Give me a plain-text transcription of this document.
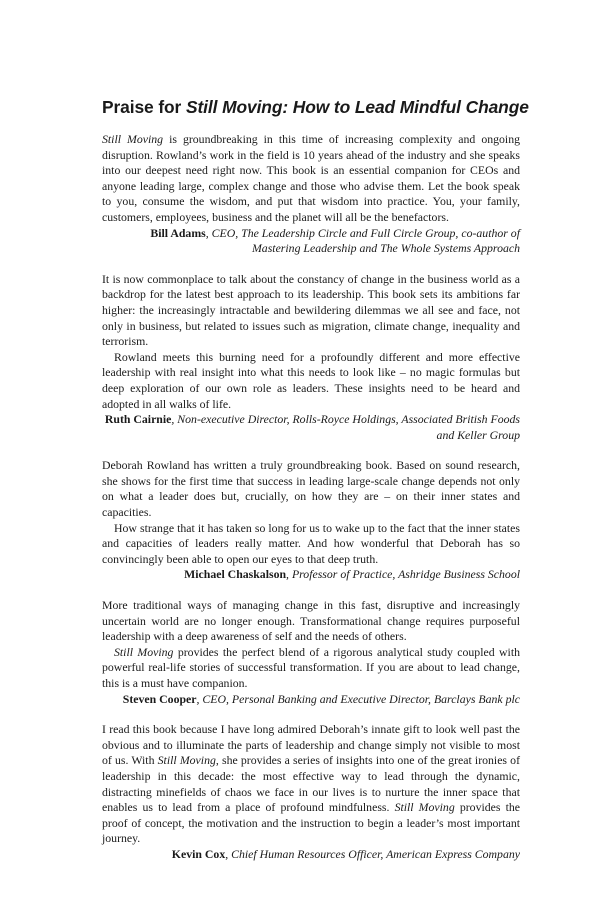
Praise for Still Moving: How to Lead Mindful Change

Still Moving is groundbreaking in this time of increasing complexity and ongoing disruption. Rowland’s work in the field is 10 years ahead of the industry and she speaks into our deepest need right now. This book is an essential companion for CEOs and anyone leading large, complex change and those who advise them. Let the book speak to you, consume the wisdom, and put that wisdom into practice. You, your family, customers, employees, business and the planet will all be the benefactors.

Bill Adams, CEO, The Leadership Circle and Full Circle Group, co-author of Mastering Leadership and The Whole Systems Approach

It is now commonplace to talk about the constancy of change in the business world as a backdrop for the latest best approach to its leadership. This book sets its ambitions far higher: the increasingly intractable and bewildering dilemmas we all see and face, not only in business, but related to issues such as migration, climate change, inequality and terrorism.

Rowland meets this burning need for a profoundly different and more effective leadership with real insight into what this needs to look like – no magic formulas but deep exploration of our own role as leaders. These insights need to be heard and adopted in all walks of life.

Ruth Cairnie, Non-executive Director, Rolls-Royce Holdings, Associated British Foods and Keller Group

Deborah Rowland has written a truly groundbreaking book. Based on sound research, she shows for the first time that success in leading large-scale change depends not only on what a leader does but, crucially, on how they are – on their inner states and capacities.

How strange that it has taken so long for us to wake up to the fact that the inner states and capacities of leaders really matter. And how wonderful that Deborah has so convincingly been able to open our eyes to that deep truth.

Michael Chaskalson, Professor of Practice, Ashridge Business School

More traditional ways of managing change in this fast, disruptive and increasingly uncertain world are no longer enough. Transformational change requires purposeful leadership with a deep awareness of self and the needs of others.

Still Moving provides the perfect blend of a rigorous analytical study coupled with powerful real-life stories of successful transformation. If you are about to lead change, this is a must have companion.

Steven Cooper, CEO, Personal Banking and Executive Director, Barclays Bank plc

I read this book because I have long admired Deborah’s innate gift to look well past the obvious and to illuminate the parts of leadership and change simply not visible to most of us. With Still Moving, she provides a series of insights into one of the great ironies of leadership in this decade: the most effective way to lead through the dynamic, distracting minefields of chaos we face in our lives is to nurture the inner space that enables us to lead from a place of profound mindfulness. Still Moving provides the proof of concept, the motivation and the instruction to begin a leader’s most important journey.

Kevin Cox, Chief Human Resources Officer, American Express Company
